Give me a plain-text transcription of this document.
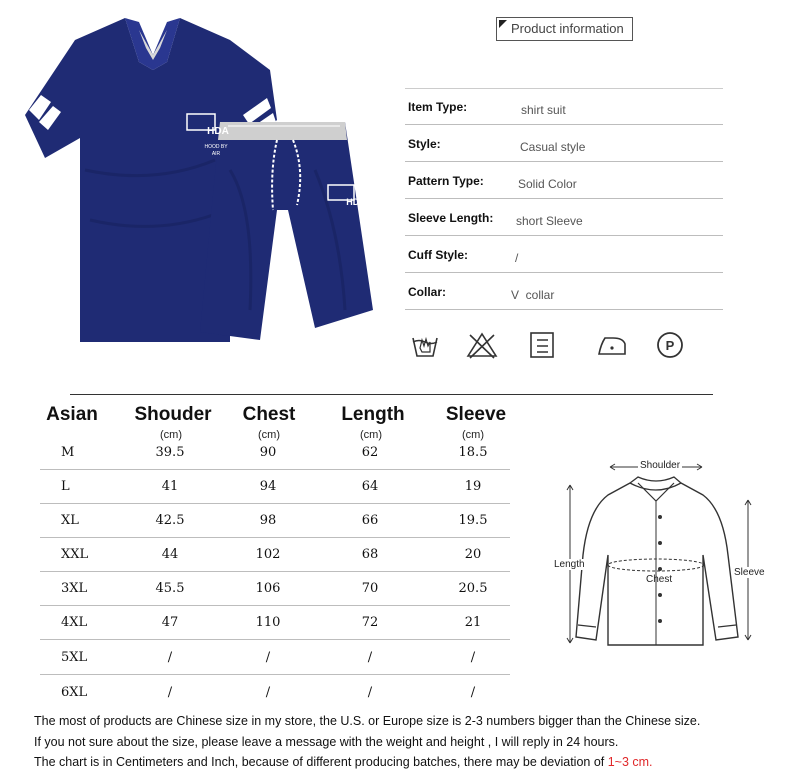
HDA
HOOD BY AIR
HDA
Product information
Item Type:	shirt suit
Style:	Casual style
Pattern Type:	Solid Color
Sleeve Length: short Sleeve
Cuff Style:	/
Collar:	V  collar
P
Asian	Shouder	Chest	Length	Sleeve
(cm)	(cm)	(cm)	(cm)
M	39.5	90	62	18.5
L	41	94	64	19
XL	42.5	98	66	19.5
XXL	44	102	68	20
3XL	45.5	106	70	20.5
4XL	47	110	72	21
5XL	/	/	/	/
6XL	/	/	/	/
Shoulder
Chest
Length
Sleeve
The most of products are Chinese size in my store, the U.S. or Europe size is 2-3 numbers bigger than the Chinese size.
If you not sure about the size, please leave a message with the weight and height , I will reply in 24 hours.
The chart is in Centimeters and Inch, because of different producing batches, there may be deviation of 1~3 cm.
